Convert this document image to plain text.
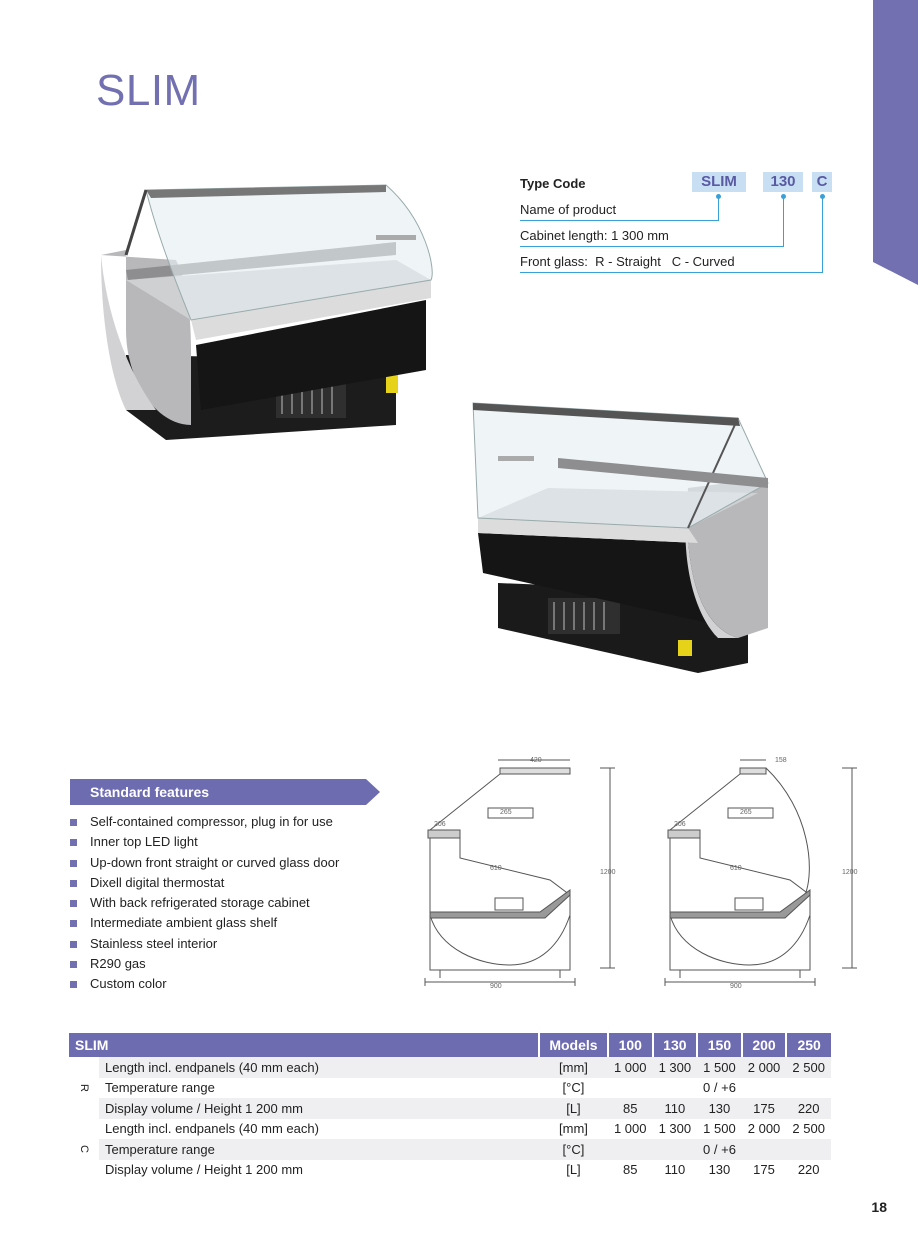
SLIM
Type Code	SLIM	130	C
Name of product
Cabinet length: 1 300 mm
Front glass:  R - Straight   C - Curved
Standard features
Self-contained compressor, plug in for use
Inner top LED light
Up-down front straight or curved glass door
Dixell digital thermostat
With back refrigerated storage cabinet
Intermediate ambient glass shelf
Stainless steel interior
R290 gas
Custom color
420
265
206
610
1200
900
158
265
206
610
1200
900
SLIM		Models	100	130	150	200	250
R	Length incl. endpanels (40 mm each)	[mm]	1 000	1 300	1 500	2 000	2 500
	Temperature range	[°C]	0 / +6				
	Display volume / Height 1 200 mm	[L]	85	110	130	175	220
C	Length incl. endpanels (40 mm each)	[mm]	1 000	1 300	1 500	2 000	2 500
	Temperature range	[°C]	0 / +6				
	Display volume / Height 1 200 mm	[L]	85	110	130	175	220
18
